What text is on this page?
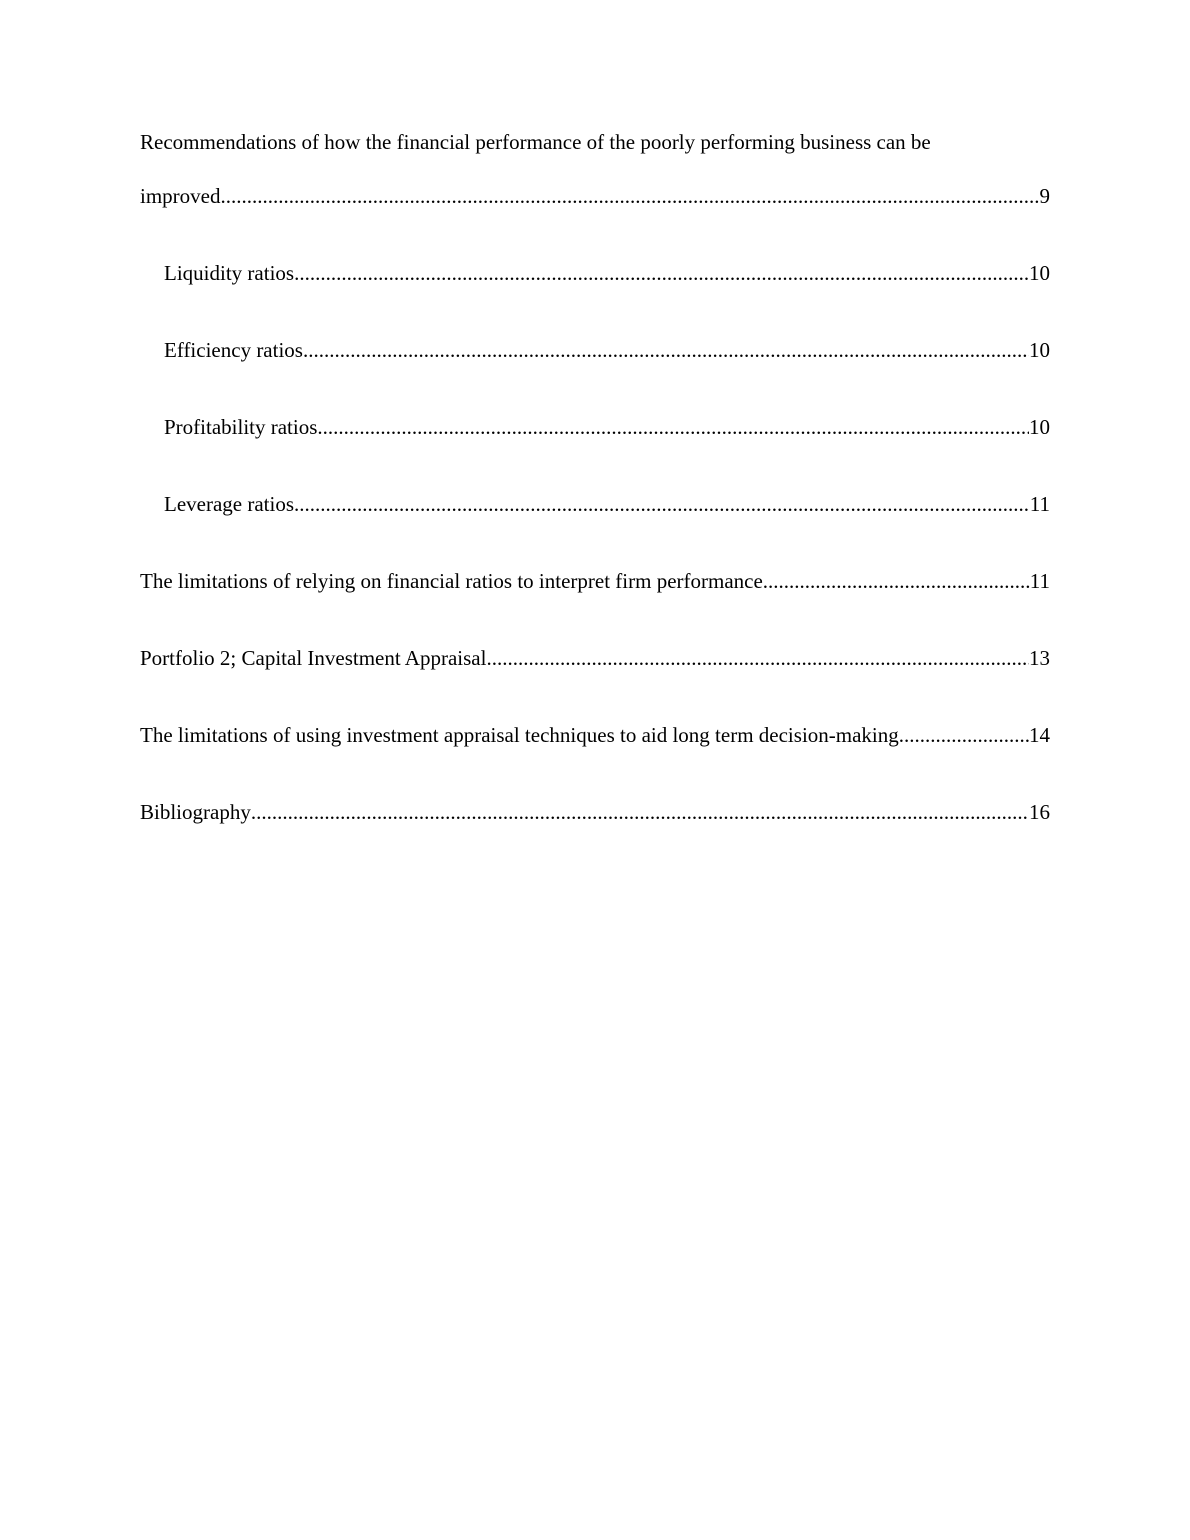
Recommendations of how the financial performance of the poorly performing business can be
improved .....	9
Liquidity ratios .....	10
Efficiency ratios .....	10
Profitability ratios .....	10
Leverage ratios .....	11
The limitations of relying on financial ratios to interpret firm performance .....	11
Portfolio 2; Capital Investment Appraisal .....	13
The limitations of using investment appraisal techniques to aid long term decision-making .....	14
Bibliography .....	16
